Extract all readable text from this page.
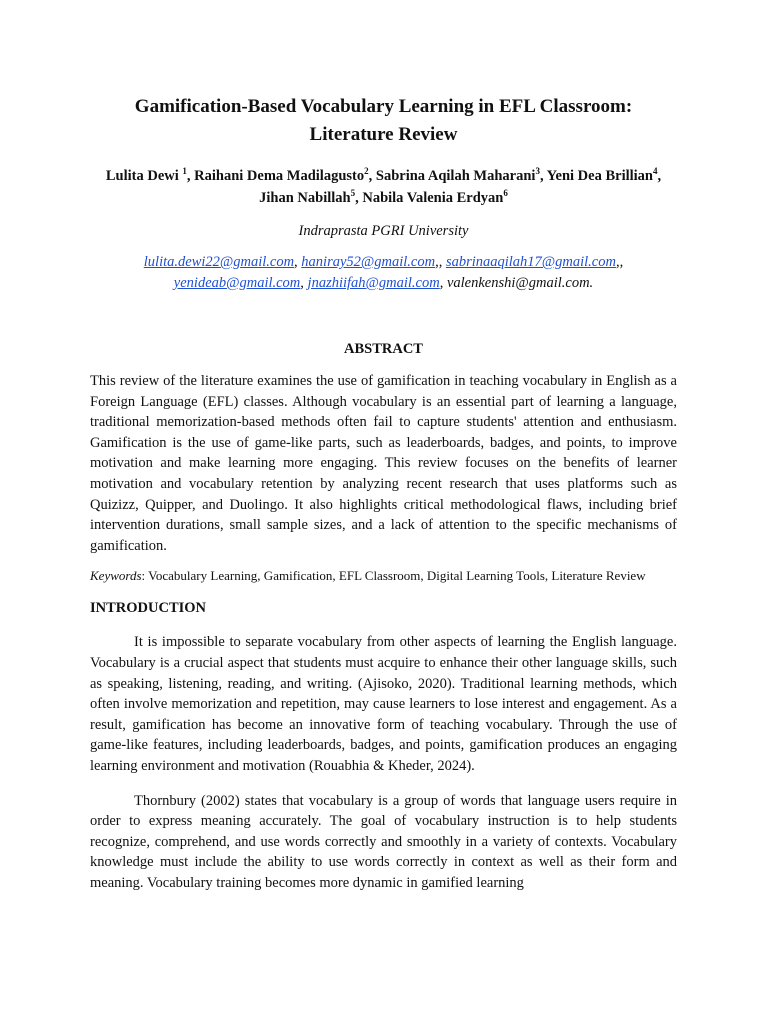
Gamification-Based Vocabulary Learning in EFL Classroom:
Literature Review

Lulita Dewi $^1$, Raihani Dema Madilagusto$^2$, Sabrina Aqilah Maharani$^3$, Yeni Dea Brillian$^4$,
Jihan Nabillah$^5$, Nabila Valenia Erdyan$^6$

Indraprasta PGRI University

lulita.dewi22@gmail.com, haniray52@gmail.com,, sabrinaaqilah17@gmail.com,,
yenideab@gmail.com, jnazhiifah@gmail.com, valenkenshi@gmail.com.

ABSTRACT

This review of the literature examines the use of gamification in teaching vocabulary in English as a Foreign Language (EFL) classes. Although vocabulary is an essential part of learning a language, traditional memorization-based methods often fail to capture students' attention and enthusiasm. Gamification is the use of game-like parts, such as leaderboards, badges, and points, to improve motivation and make learning more engaging. This review focuses on the benefits of learner motivation and vocabulary retention by analyzing recent research that uses platforms such as Quizizz, Quipper, and Duolingo. It also highlights critical methodological flaws, including brief intervention durations, small sample sizes, and a lack of attention to the specific mechanisms of gamification.

Keywords: Vocabulary Learning, Gamification, EFL Classroom, Digital Learning Tools, Literature Review

INTRODUCTION

It is impossible to separate vocabulary from other aspects of learning the English language. Vocabulary is a crucial aspect that students must acquire to enhance their other language skills, such as speaking, listening, reading, and writing. (Ajisoko, 2020). Traditional learning methods, which often involve memorization and repetition, may cause learners to lose interest and engagement. As a result, gamification has become an innovative form of teaching vocabulary. Through the use of game-like features, including leaderboards, badges, and points, gamification produces an engaging learning environment and motivation (Rouabhia & Kheder, 2024).

Thornbury (2002) states that vocabulary is a group of words that language users require in order to express meaning accurately. The goal of vocabulary instruction is to help students recognize, comprehend, and use words correctly and smoothly in a variety of contexts. Vocabulary knowledge must include the ability to use words correctly in context as well as their form and meaning. Vocabulary training becomes more dynamic in gamified learning
